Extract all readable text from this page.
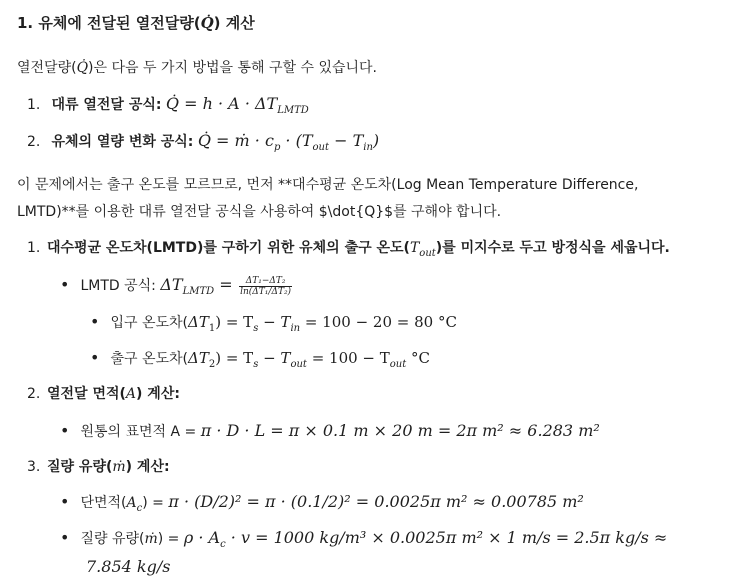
1. 유체에 전달된 열전달량(Q̇) 계산
열전달량(Q̇)은 다음 두 가지 방법을 통해 구할 수 있습니다.
1. 대류 열전달 공식: Q̇ = $h \cdot A \cdot \Delta T_{LMTD}$
2. 유체의 열량 변화 공식: Q̇ = ṁ · $c_p \cdot (T_{out} - T_{in})$
이 문제에서는 출구 온도를 모르므로, 먼저 **대수평균 온도차(Log Mean Temperature Difference,
LMTD)**를 이용한 대류 열전달 공식을 사용하여 $\dot{Q}$를 구해야 합니다.
1. 대수평균 온도차(LMTD)를 구하기 위한 유체의 출구 온도$(T_{out})$를 미지수로 두고 방정식을 세웁니다.
• LMTD 공식: $\Delta T_{LMTD} = \frac{\text{ΔT₁−ΔT₂}}{\text{ln(ΔT₁/ΔT₂)}}$
• 입구 온도차$(\Delta T_1) = T_s - T_{in} = 100 - 20 = 80$ °C
• 출구 온도차$(\Delta T_2) = T_s - T_{out} = 100 - T_{out}$ °C
2. 열전달 면적(A) 계산:
• 원통의 표면적 A = π · D · L = π × 0.1 m × 20 m = 2π m² ≈ 6.283 m²
3. 질량 유량(ṁ) 계산:
• 단면적$(A_c) = \pi \cdot (D/2)^2 = \pi \cdot (0.1/2)^2 = 0.0025\pi$ m² ≈ 0.00785 m²
• 질량 유량(ṁ) = $\rho \cdot A_c \cdot v = 1000$ kg/m³ × 0.0025π m² × 1 m/s = 2.5π kg/s ≈
7.854 kg/s
